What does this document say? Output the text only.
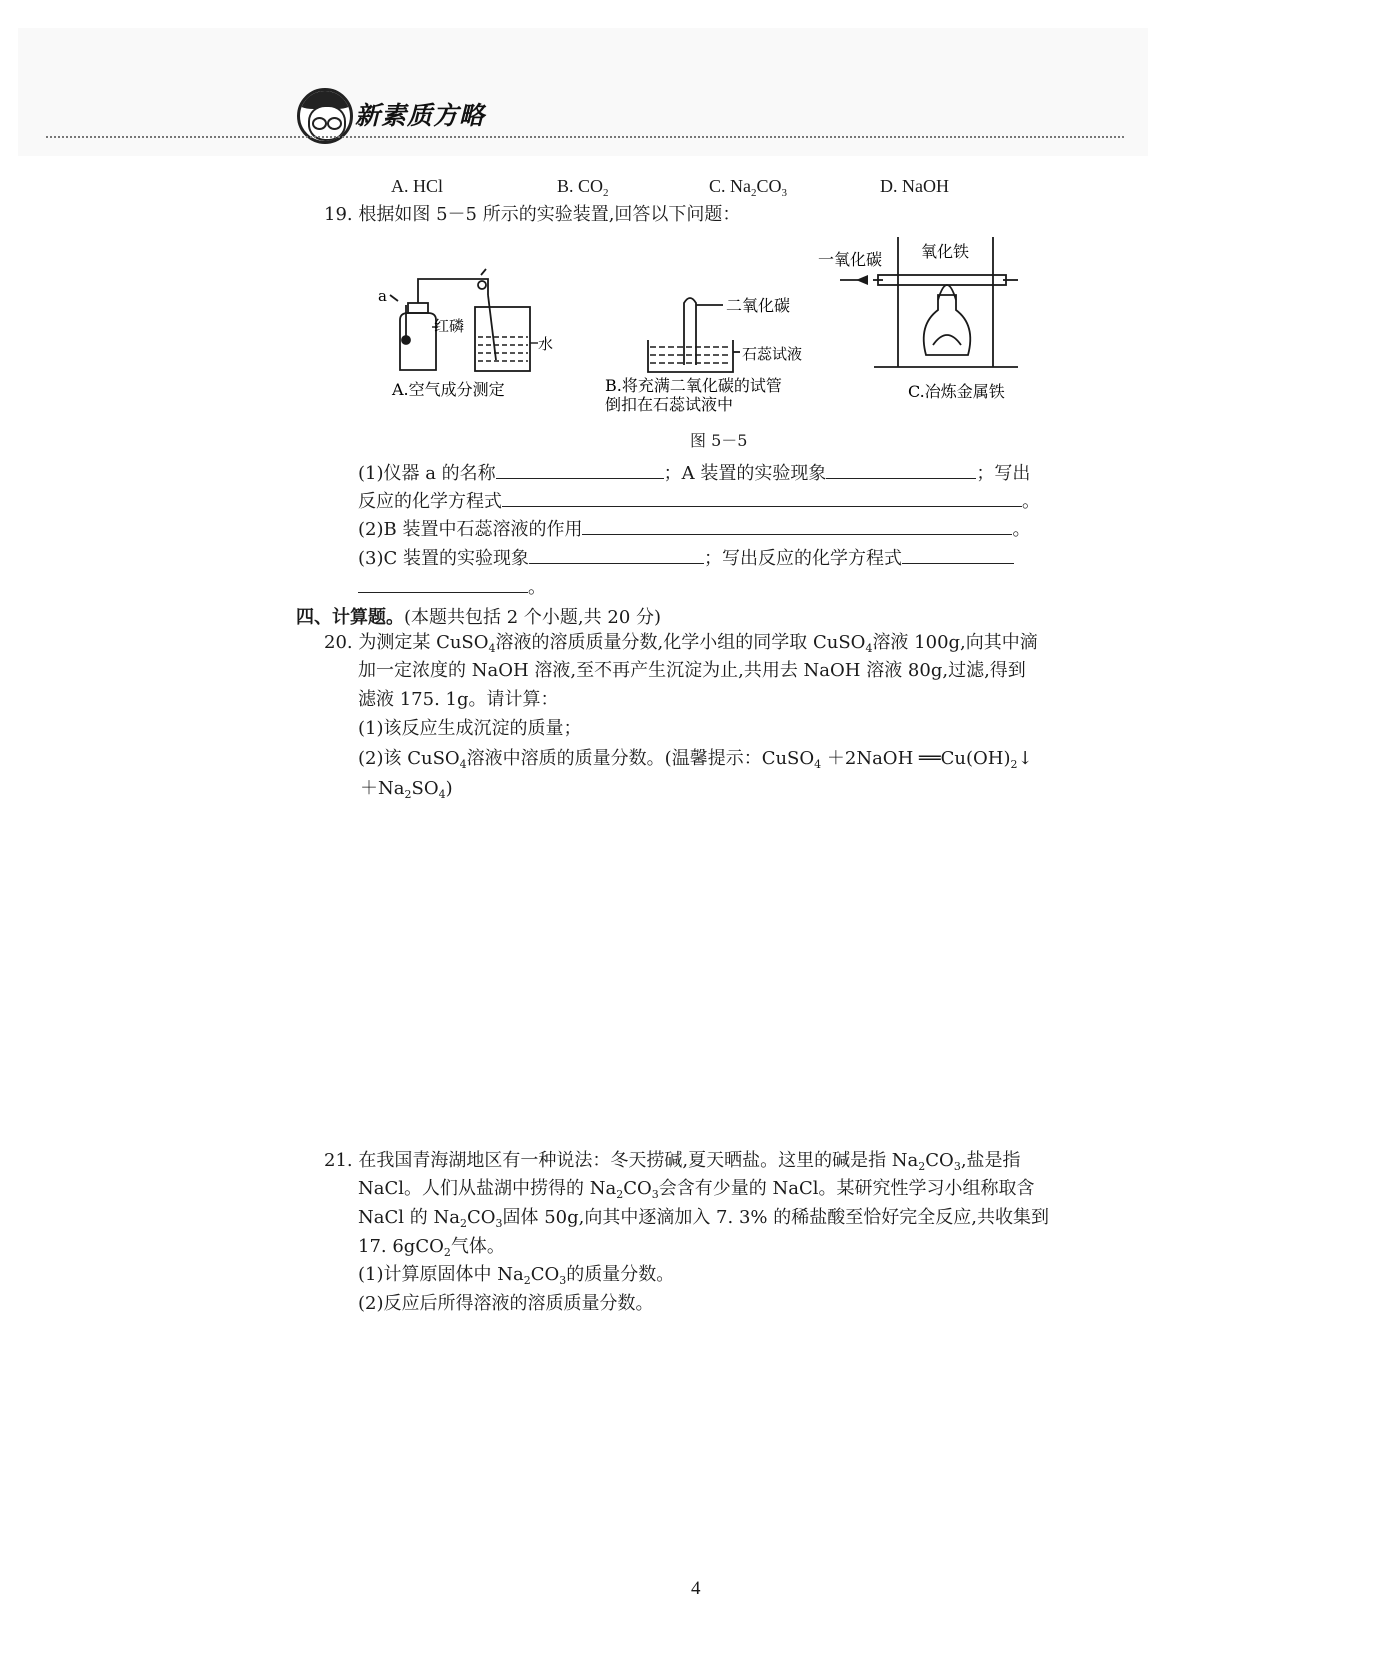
新素质方略
A. HCl	B. $CO_2$	C. $Na_2CO_3$	D. NaOH
19. 根据如图 5－5 所示的实验装置,回答以下问题：
a
红磷
水
A.空气成分测定
二氧化碳
石蕊试液
B.将充满二氧化碳的试管
倒扣在石蕊试液中
一氧化碳 氧化铁
C.冶炼金属铁
图 5－5
(1)仪器 a 的名称	；A 装置的实验现象	；写出
反应的化学方程式	。
(2)B 装置中石蕊溶液的作用	。
(3)C 装置的实验现象	；写出反应的化学方程式
。
四、计算题。(本题共包括 2 个小题,共 20 分)
20. 为测定某 CuSO$_4$溶液的溶质质量分数,化学小组的同学取 CuSO$_4$溶液 100g,向其中滴
加一定浓度的 NaOH 溶液,至不再产生沉淀为止,共用去 NaOH 溶液 80g,过滤,得到
滤液 175. 1g。请计算：
(1)该反应生成沉淀的质量；
(2)该 CuSO$_4$溶液中溶质的质量分数。(温馨提示：CuSO$_4$ ＋2NaOH $══Cu(OH)_2↓$
$+Na_2SO_4$)
21. 在我国青海湖地区有一种说法：冬天捞碱,夏天晒盐。这里的碱是指 $Na_2CO_3$,盐是指
NaCl。人们从盐湖中捞得的 $Na_2CO_3$会含有少量的 NaCl。某研究性学习小组称取含
NaCl 的 $Na_2CO_3$固体 50g,向其中逐滴加入 7. 3% 的稀盐酸至恰好完全反应,共收集到
17. 6gCO$_2$气体。
(1)计算原固体中 $Na_2CO_3$的质量分数。
(2)反应后所得溶液的溶质质量分数。
4
